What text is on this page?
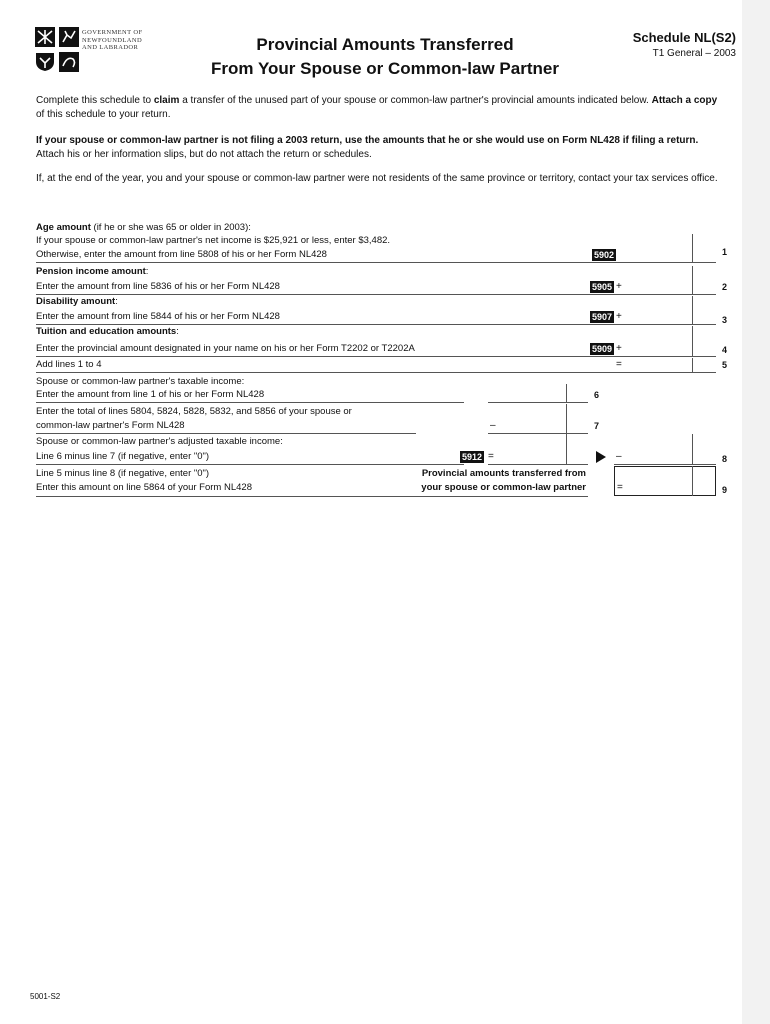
GOVERNMENT OF
NEWFOUNDLAND
AND LABRADOR	Provincial Amounts Transferred
From Your Spouse or Common-law Partner
Schedule NL(S2)
T1 General – 2003
Complete this schedule to claim a transfer of the unused part of your spouse or common-law partner's provincial amounts indicated below. Attach a copy of this schedule to your return.
If your spouse or common-law partner is not filing a 2003 return, use the amounts that he or she would use on Form NL428 if filing a return. Attach his or her information slips, but do not attach the return or schedules.
If, at the end of the year, you and your spouse or common-law partner were not residents of the same province or territory, contact your tax services office.
Age amount (if he or she was 65 or older in 2003):
If your spouse or common-law partner's net income is $25,921 or less, enter $3,482.
Otherwise, enter the amount from line 5808 of his or her Form NL428	5902	1
Pension income amount:
Enter the amount from line 5836 of his or her Form NL428	5905 +	2
Disability amount:
Enter the amount from line 5844 of his or her Form NL428	5907 +	3
Tuition and education amounts:
Enter the provincial amount designated in your name on his or her Form T2202 or T2202A	5909 +	4
Add lines 1 to 4	=	5
Spouse or common-law partner's taxable income:
Enter the amount from line 1 of his or her Form NL428	6
Enter the total of lines 5804, 5824, 5828, 5832, and 5856 of your spouse or
common-law partner's Form NL428	–	7
Spouse or common-law partner's adjusted taxable income:
Line 6 minus line 7 (if negative, enter "0")	5912 =	–	8
Line 5 minus line 8 (if negative, enter "0")
Enter this amount on line 5864 of your Form NL428
Provincial amounts transferred from
your spouse or common-law partner	=	9
5001-S2
